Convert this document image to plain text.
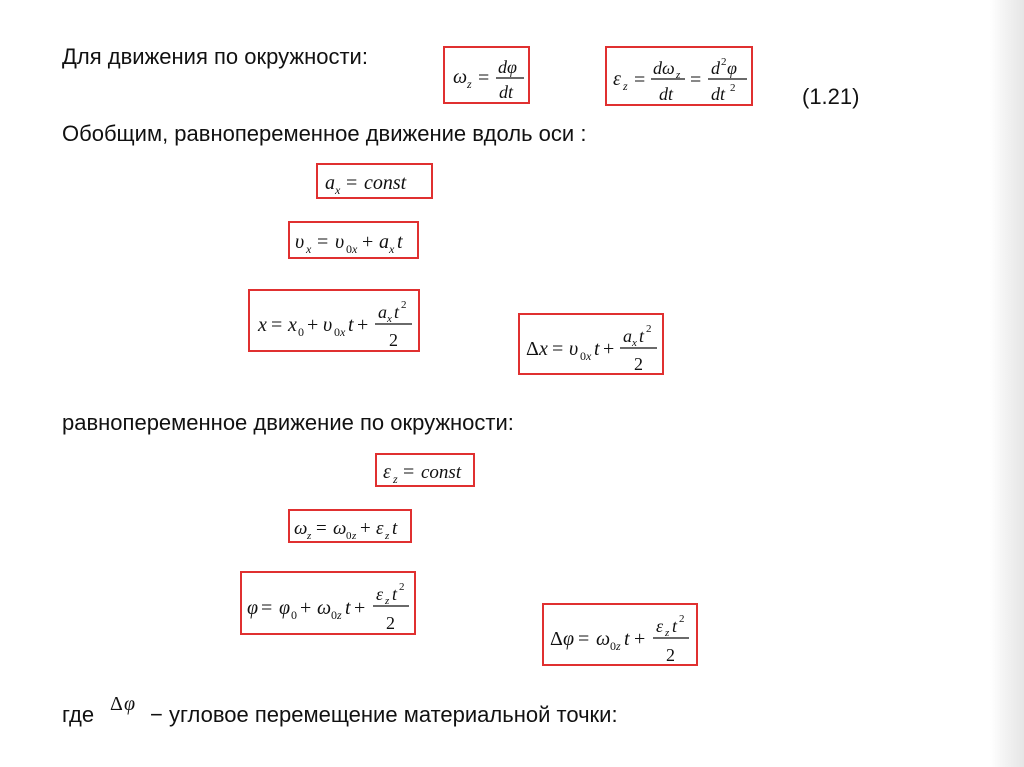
Для движения по окружности:
ω z = dφ
dt
ε z =
dω z
dt
=
d 2 φ
dt 2	(1.21)
Обобщим, равнопеременное движение вдоль оси :
a x = const
υ x = υ 0 x + a x t
x = x 0 + υ 0 x t +
a x t 2
2	Δ x = υ 0 x t +
a x t 2
2
равнопеременное движение по окружности:
ε z = const
ω z = ω 0 z + ε z t
φ = φ 0 + ω 0 z t +
ε z t 2
2
Δ φ = ω 0 z t +
ε z t 2
2
где Δ φ − угловое перемещение материальной точки:
